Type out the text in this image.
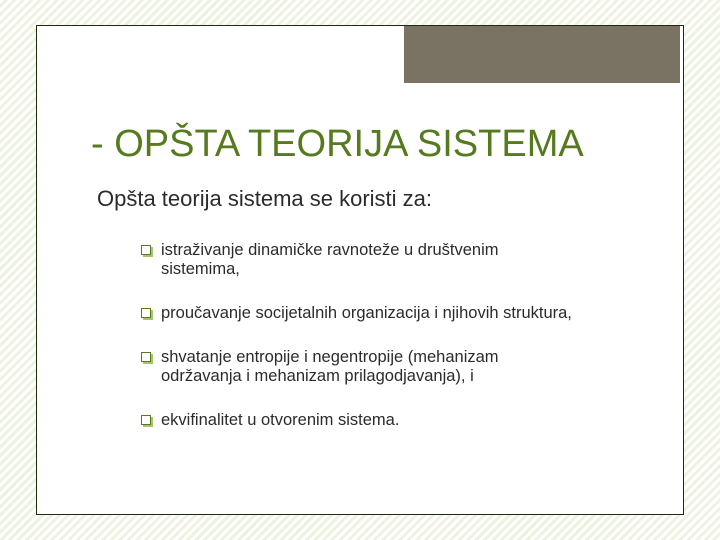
- OPŠTA TEORIJA SISTEMA

Opšta teorija sistema se koristi za:

istraživanje dinamičke ravnoteže u društvenim sistemima,
proučavanje socijetalnih organizacija i njihovih struktura,
shvatanje entropije i negentropije (mehanizam održavanja i mehanizam prilagodjavanja), i
ekvifinalitet u otvorenim sistema.
